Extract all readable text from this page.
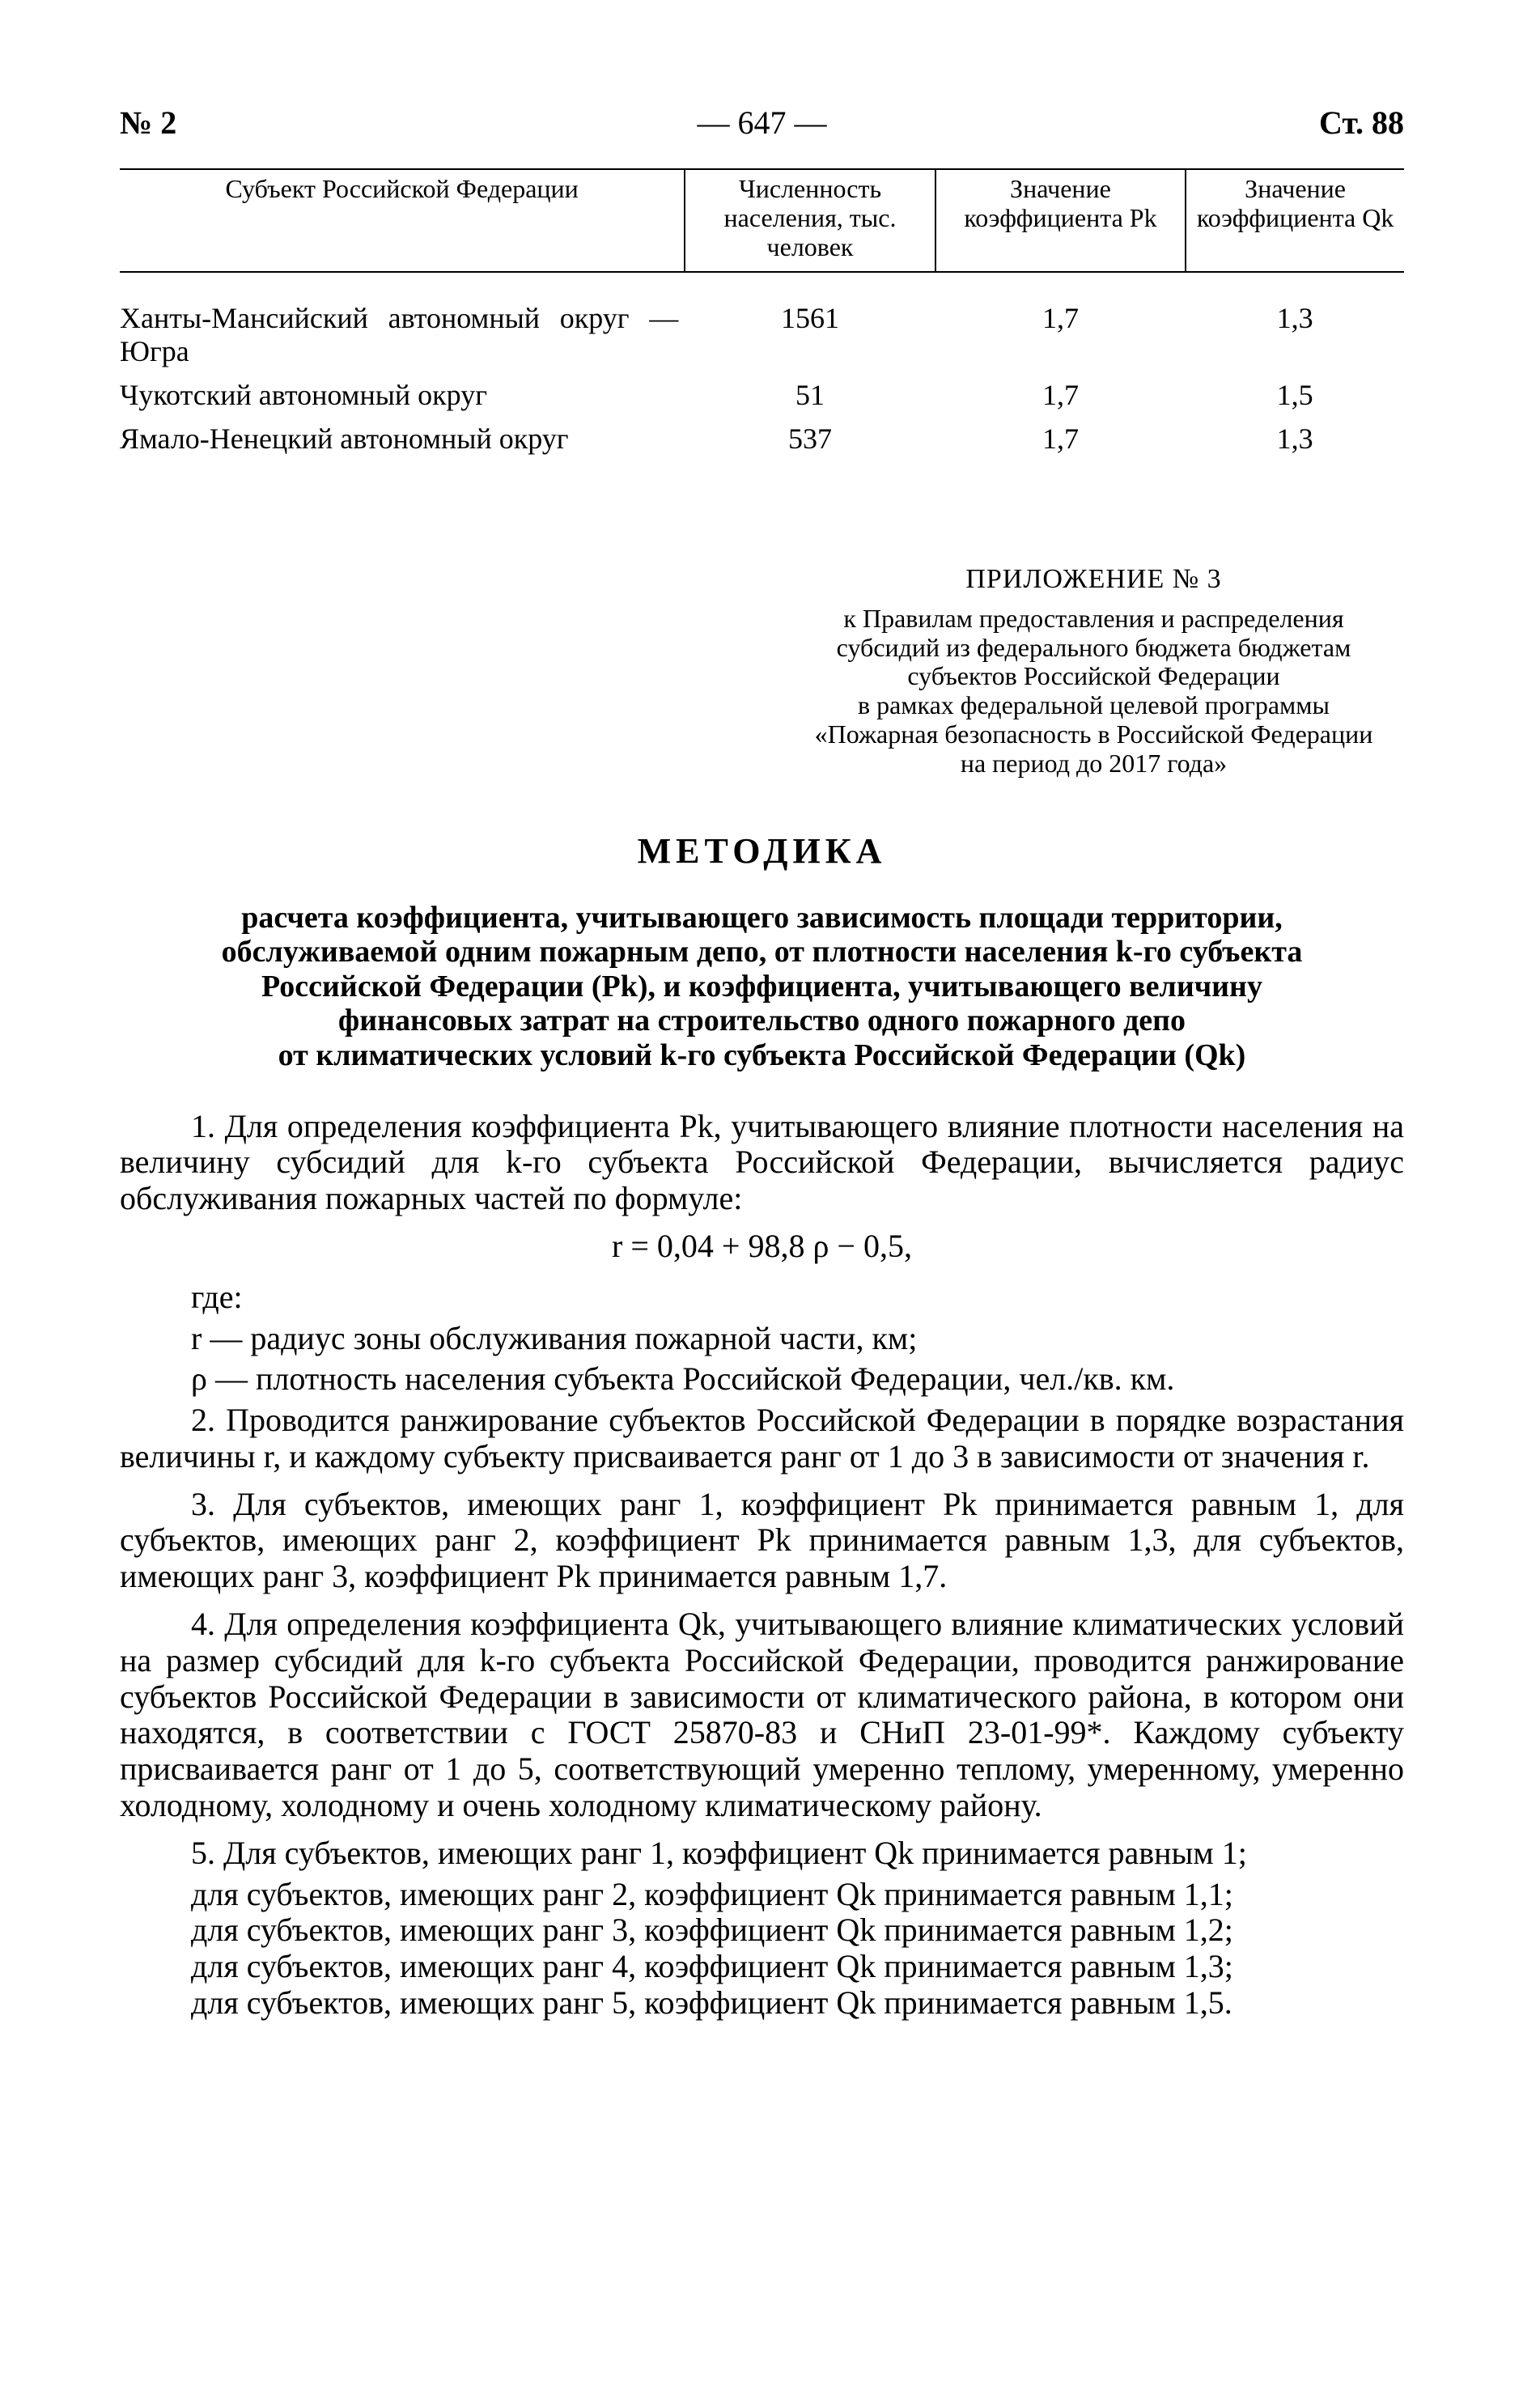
№ 2	— 647 —	Ст. 88
Субъект Российской Федерации	Численность населения, тыс. человек	Значение коэффициента Pk	Значение коэффициента Qk
Ханты-Мансийский автономный округ — Югра	1561	1,7	1,3
Чукотский автономный округ	51	1,7	1,5
Ямало-Ненецкий автономный округ	537	1,7	1,3
ПРИЛОЖЕНИЕ № 3
к Правилам предоставления и распределения
субсидий из федерального бюджета бюджетам
субъектов Российской Федерации
в рамках федеральной целевой программы
«Пожарная безопасность в Российской Федерации
на период до 2017 года»
МЕТОДИКА
расчета коэффициента, учитывающего зависимость площади территории,
обслуживаемой одним пожарным депо, от плотности населения k-го субъекта
Российской Федерации (Pk), и коэффициента, учитывающего величину
финансовых затрат на строительство одного пожарного депо
от климатических условий k-го субъекта Российской Федерации (Qk)

1. Для определения коэффициента Pk, учитывающего влияние плотности населения на величину субсидий для k-го субъекта Российской Федерации, вычисляется радиус обслуживания пожарных частей по формуле:

r = 0,04 + 98,8 ρ − 0,5,

где:

r — радиус зоны обслуживания пожарной части, км;

ρ — плотность населения субъекта Российской Федерации, чел./кв. км.

2. Проводится ранжирование субъектов Российской Федерации в порядке возрастания величины r, и каждому субъекту присваивается ранг от 1 до 3 в зависимости от значения r.

3. Для субъектов, имеющих ранг 1, коэффициент Pk принимается равным 1, для субъектов, имеющих ранг 2, коэффициент Pk принимается равным 1,3, для субъектов, имеющих ранг 3, коэффициент Pk принимается равным 1,7.

4. Для определения коэффициента Qk, учитывающего влияние климатических условий на размер субсидий для k-го субъекта Российской Федерации, проводится ранжирование субъектов Российской Федерации в зависимости от климатического района, в котором они находятся, в соответствии с ГОСТ 25870-83 и СНиП 23-01-99*. Каждому субъекту присваивается ранг от 1 до 5, соответствующий умеренно теплому, умеренному, умеренно холодному, холодному и очень холодному климатическому району.

5. Для субъектов, имеющих ранг 1, коэффициент Qk принимается равным 1;

для субъектов, имеющих ранг 2, коэффициент Qk принимается равным 1,1;
для субъектов, имеющих ранг 3, коэффициент Qk принимается равным 1,2;
для субъектов, имеющих ранг 4, коэффициент Qk принимается равным 1,3;
для субъектов, имеющих ранг 5, коэффициент Qk принимается равным 1,5.
